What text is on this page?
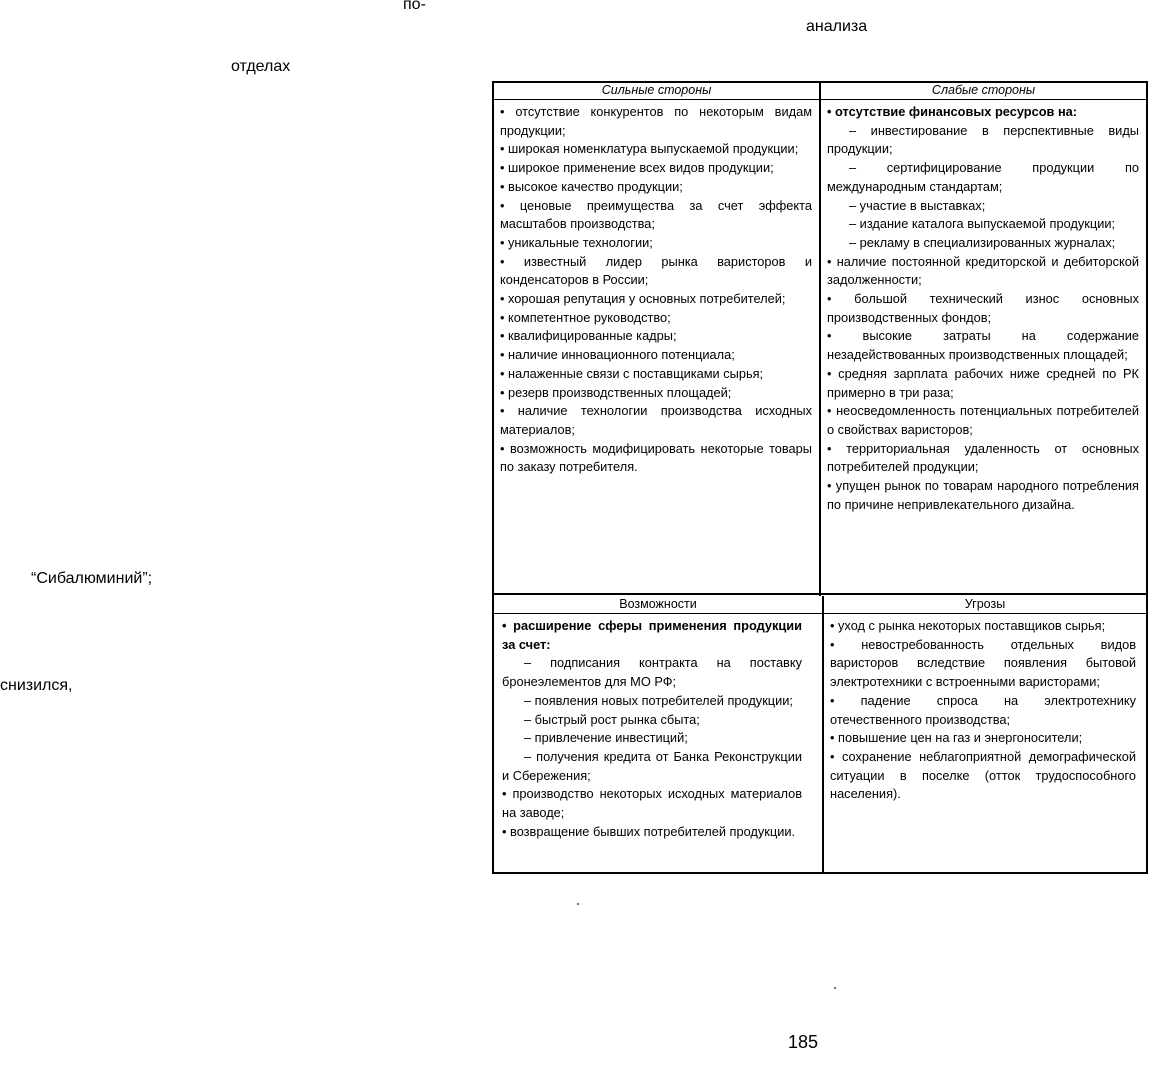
по-
анализа
отделах
“Сибалюминий”;
снизился,
Сильные стороны

• отсутствие конкурентов по некоторым видам продукции;

• широкая номенклатура выпускаемой продукции;

• широкое применение всех видов продукции;

• высокое качество продукции;

• ценовые преимущества за счет эффекта масштабов производства;

• уникальные технологии;

• известный лидер рынка варисторов и конденсаторов в России;

• хорошая репутация у основных потребителей;

• компетентное руководство;

• квалифицированные кадры;

• наличие инновационного потенциала;

• налаженные связи с поставщиками сырья;

• резерв производственных площадей;

• наличие технологии производства исходных материалов;

• возможность модифицировать некоторые товары по заказу потребителя.

Слабые стороны

• отсутствие финансовых ресурсов на:

– инвестирование в перспективные виды продукции;

– сертифицирование продукции по международным стандартам;

– участие в выставках;

– издание каталога выпускаемой продукции;

– рекламу в специализированных журналах;

• наличие постоянной кредиторской и дебиторской задолженности;

• большой технический износ основных производственных фондов;

• высокие затраты на содержание незадействованных производственных площадей;

• средняя зарплата рабочих ниже средней по РК примерно в три раза;

• неосведомленность потенциальных потребителей о свойствах варисторов;

• территориальная удаленность от основных потребителей продукции;

• упущен рынок по товарам народного потребления по причине непривлекательного дизайна.

Возможности

• расширение сферы применения продукции за счет:

– подписания контракта на поставку бронеэлементов для МО РФ;

– появления новых потребителей продукции;

– быстрый рост рынка сбыта;

– привлечение инвестиций;

– получения кредита от Банка Реконструкции и Сбережения;

• производство некоторых исходных материалов на заводе;

• возвращение бывших потребителей продукции.

Угрозы

• уход с рынка некоторых поставщиков сырья;

• невостребованность отдельных видов варисторов вследствие появления бытовой электротехники с встроенными варисторами;

• падение спроса на электротехнику отечественного производства;

• повышение цен на газ и энергоносители;

• сохранение неблагоприятной демографической ситуации в поселке (отток трудоспособного населения).

185
